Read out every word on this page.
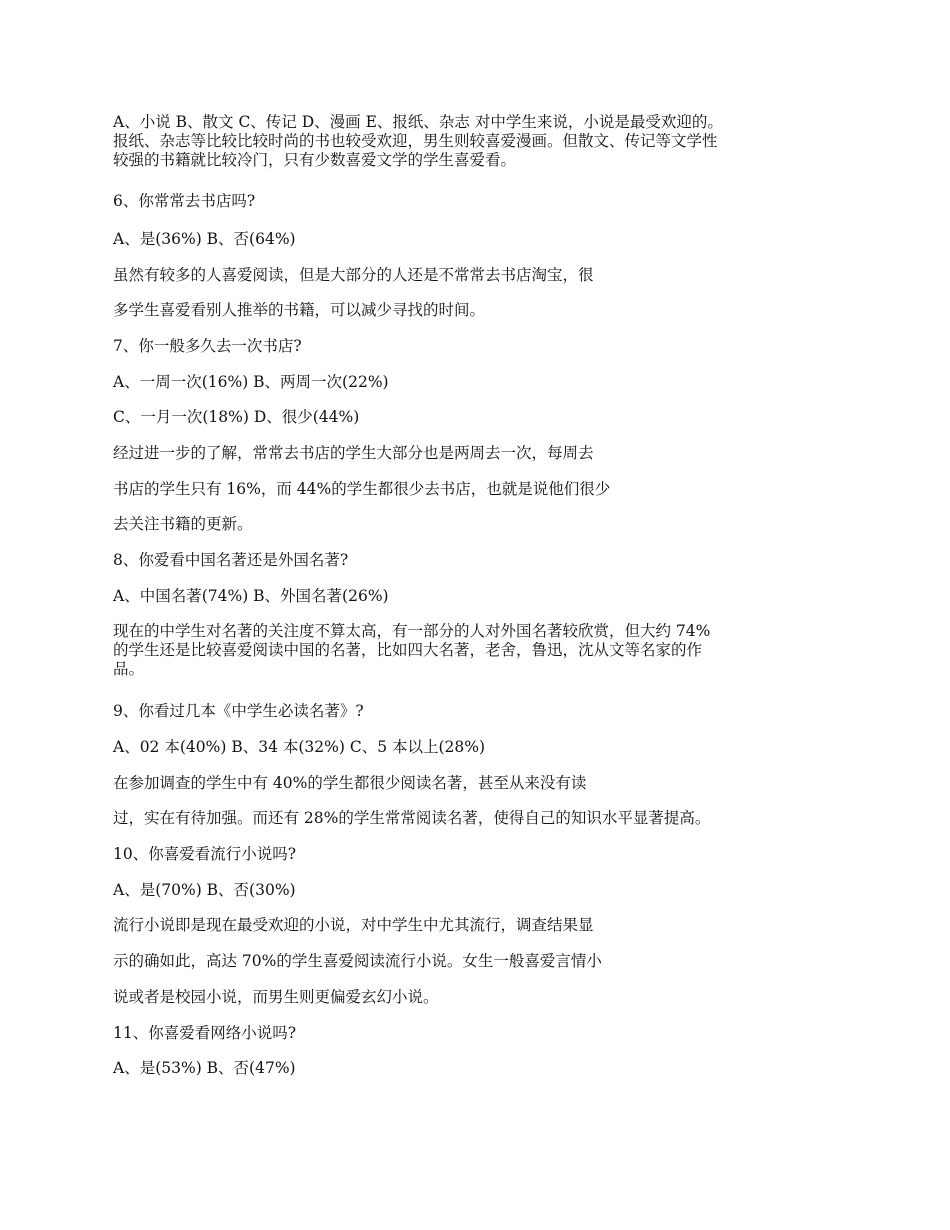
A、小说 B、散文 C、传记 D、漫画 E、报纸、杂志 对中学生来说，小说是最受欢迎的。
报纸、杂志等比较比较时尚的书也较受欢迎，男生则较喜爱漫画。但散文、传记等文学性
较强的书籍就比较冷门，只有少数喜爱文学的学生喜爱看。
6、你常常去书店吗?
A、是(36%) B、否(64%)
虽然有较多的人喜爱阅读，但是大部分的人还是不常常去书店淘宝，很
多学生喜爱看别人推举的书籍，可以减少寻找的时间。
7、你一般多久去一次书店?
A、一周一次(16%) B、两周一次(22%)
C、一月一次(18%) D、很少(44%)
经过进一步的了解，常常去书店的学生大部分也是两周去一次，每周去
书店的学生只有 16%，而 44%的学生都很少去书店，也就是说他们很少
去关注书籍的更新。
8、你爱看中国名著还是外国名著?
A、中国名著(74%) B、外国名著(26%)
现在的中学生对名著的关注度不算太高，有一部分的人对外国名著较欣赏，但大约 74%
的学生还是比较喜爱阅读中国的名著，比如四大名著，老舍，鲁迅，沈从文等名家的作
品。
9、你看过几本《中学生必读名著》?
A、02 本(40%) B、34 本(32%) C、5 本以上(28%)
在参加调查的学生中有 40%的学生都很少阅读名著，甚至从来没有读
过，实在有待加强。而还有 28%的学生常常阅读名著，使得自己的知识水平显著提高。
10、你喜爱看流行小说吗?
A、是(70%) B、否(30%)
流行小说即是现在最受欢迎的小说，对中学生中尤其流行，调查结果显
示的确如此，高达 70%的学生喜爱阅读流行小说。女生一般喜爱言情小
说或者是校园小说，而男生则更偏爱玄幻小说。
11、你喜爱看网络小说吗?
A、是(53%) B、否(47%)
